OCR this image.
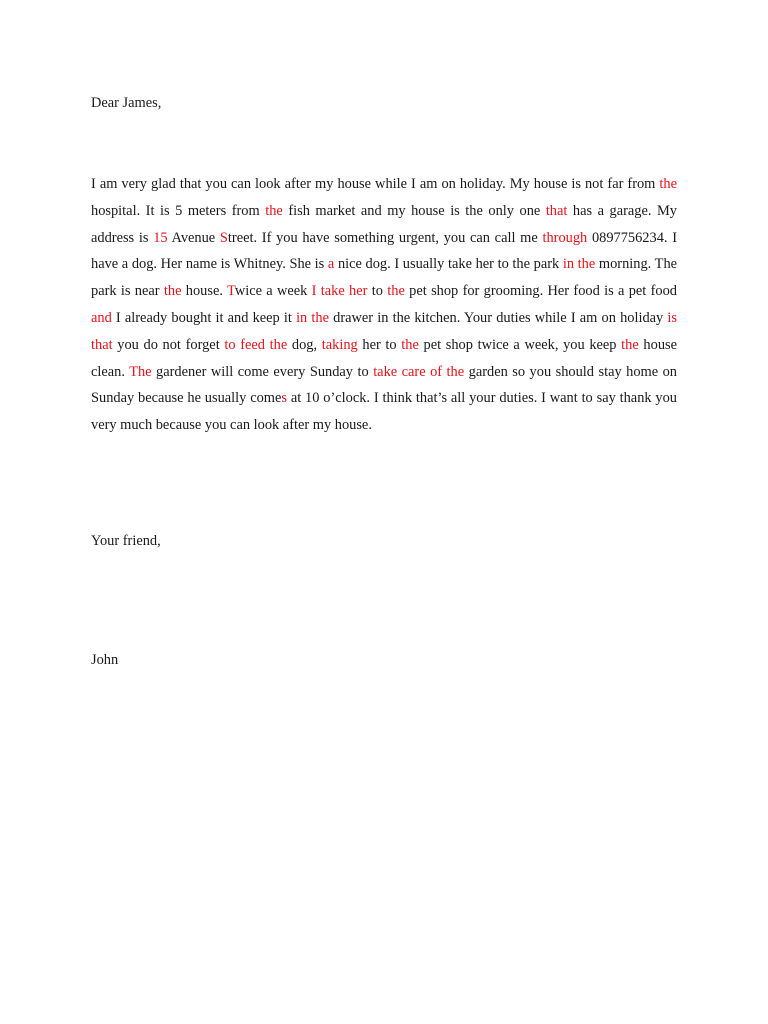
Dear James,

I am very glad that you can look after my house while I am on holiday. My house is not far from the hospital. It is 5 meters from the fish market and my house is the only one that has a garage. My address is 15 Avenue Street. If you have something urgent, you can call me through 0897756234. I have a dog. Her name is Whitney. She is a nice dog. I usually take her to the park in the morning. The park is near the house. Twice a week I take her to the pet shop for grooming. Her food is a pet food and I already bought it and keep it in the drawer in the kitchen. Your duties while I am on holiday is that you do not forget to feed the dog, taking her to the pet shop twice a week, you keep the house clean. The gardener will come every Sunday to take care of the garden so you should stay home on Sunday because he usually comes at 10 o’clock. I think that’s all your duties. I want to say thank you very much because you can look after my house.

Your friend,

John
